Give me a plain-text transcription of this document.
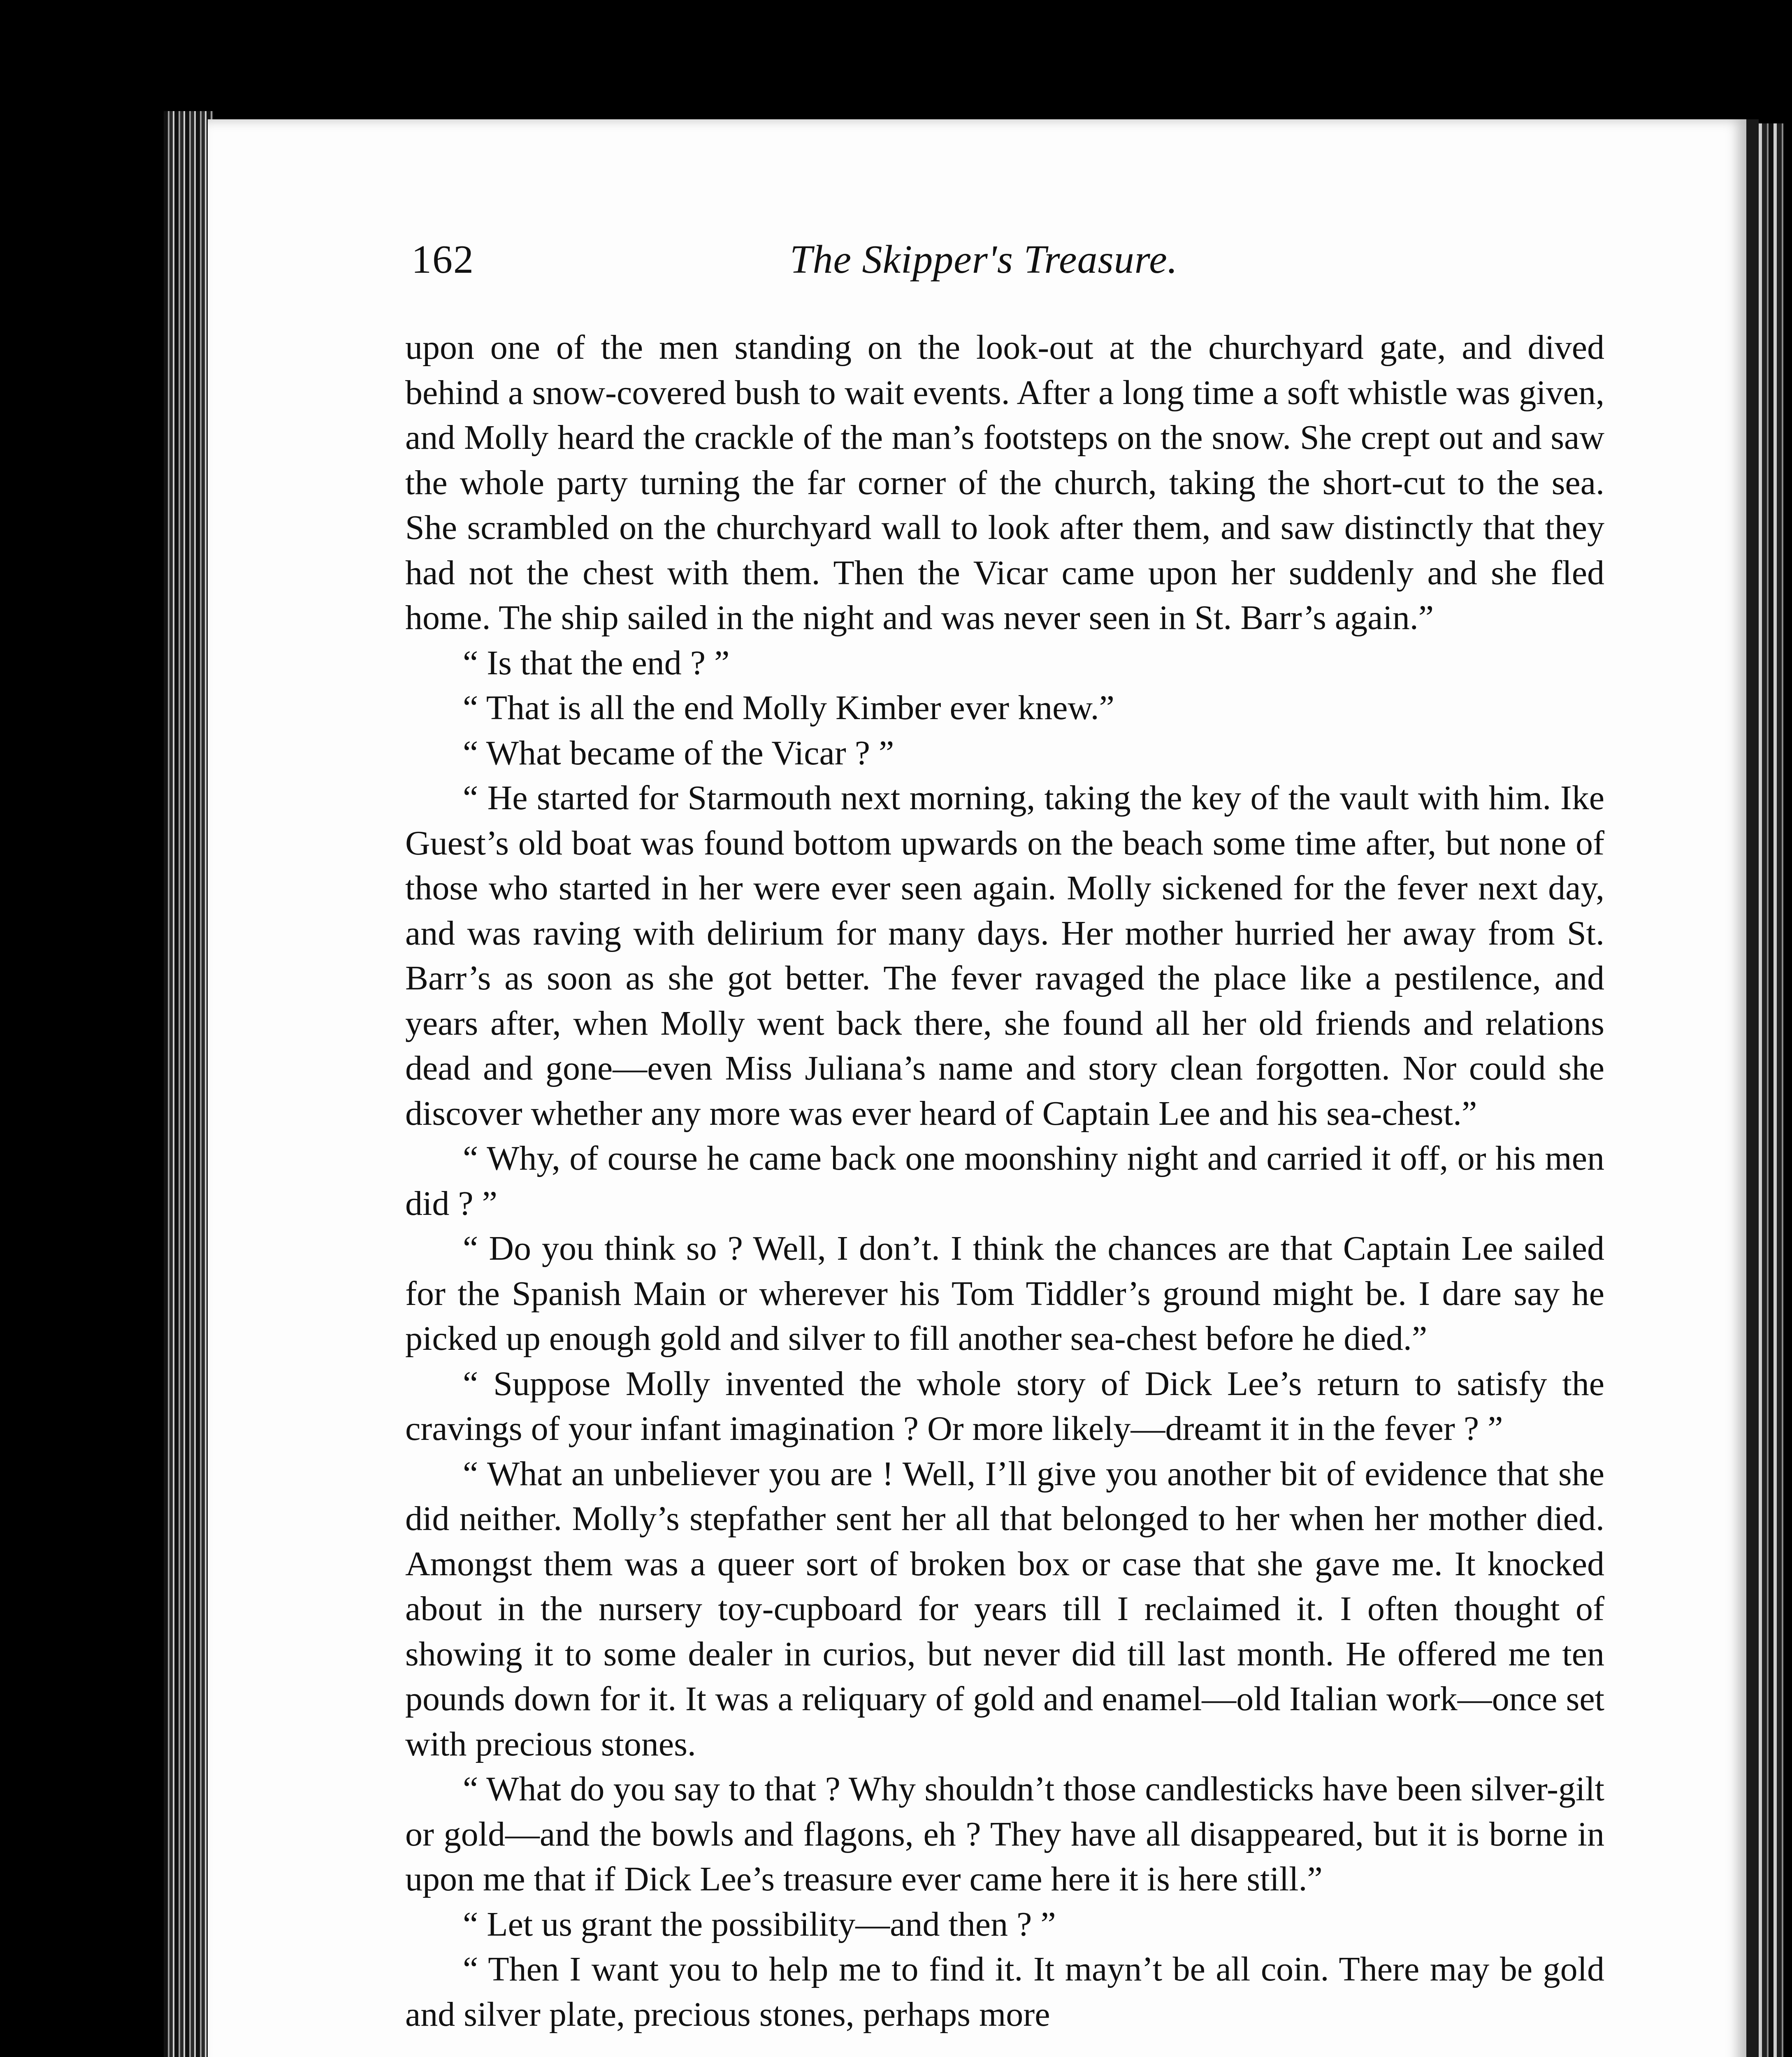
162	The Skipper's Treasure.

upon one of the men standing on the look-out at the churchyard gate, and dived behind a snow-covered bush to wait events. After a long time a soft whistle was given, and Molly heard the crackle of the man’s footsteps on the snow. She crept out and saw the whole party turning the far corner of the church, taking the short-cut to the sea. She scrambled on the churchyard wall to look after them, and saw distinctly that they had not the chest with them. Then the Vicar came upon her suddenly and she fled home. The ship sailed in the night and was never seen in St. Barr’s again.”

“ Is that the end ? ”

“ That is all the end Molly Kimber ever knew.”

“ What became of the Vicar ? ”

“ He started for Starmouth next morning, taking the key of the vault with him. Ike Guest’s old boat was found bottom upwards on the beach some time after, but none of those who started in her were ever seen again. Molly sickened for the fever next day, and was raving with delirium for many days. Her mother hurried her away from St. Barr’s as soon as she got better. The fever ravaged the place like a pestilence, and years after, when Molly went back there, she found all her old friends and relations dead and gone—even Miss Juliana’s name and story clean forgotten. Nor could she discover whether any more was ever heard of Captain Lee and his sea-chest.”

“ Why, of course he came back one moonshiny night and carried it off, or his men did ? ”

“ Do you think so ? Well, I don’t. I think the chances are that Captain Lee sailed for the Spanish Main or wherever his Tom Tiddler’s ground might be. I dare say he picked up enough gold and silver to fill another sea-chest before he died.”

“ Suppose Molly invented the whole story of Dick Lee’s return to satisfy the cravings of your infant imagination ? Or more likely—dreamt it in the fever ? ”

“ What an unbeliever you are ! Well, I’ll give you another bit of evidence that she did neither. Molly’s stepfather sent her all that belonged to her when her mother died. Amongst them was a queer sort of broken box or case that she gave me. It knocked about in the nursery toy-cupboard for years till I reclaimed it. I often thought of showing it to some dealer in curios, but never did till last month. He offered me ten pounds down for it. It was a reliquary of gold and enamel—old Italian work—once set with precious stones.

“ What do you say to that ? Why shouldn’t those candlesticks have been silver-gilt or gold—and the bowls and flagons, eh ? They have all disappeared, but it is borne in upon me that if Dick Lee’s treasure ever came here it is here still.”

“ Let us grant the possibility—and then ? ”

“ Then I want you to help me to find it. It mayn’t be all coin. There may be gold and silver plate, precious stones, perhaps more
